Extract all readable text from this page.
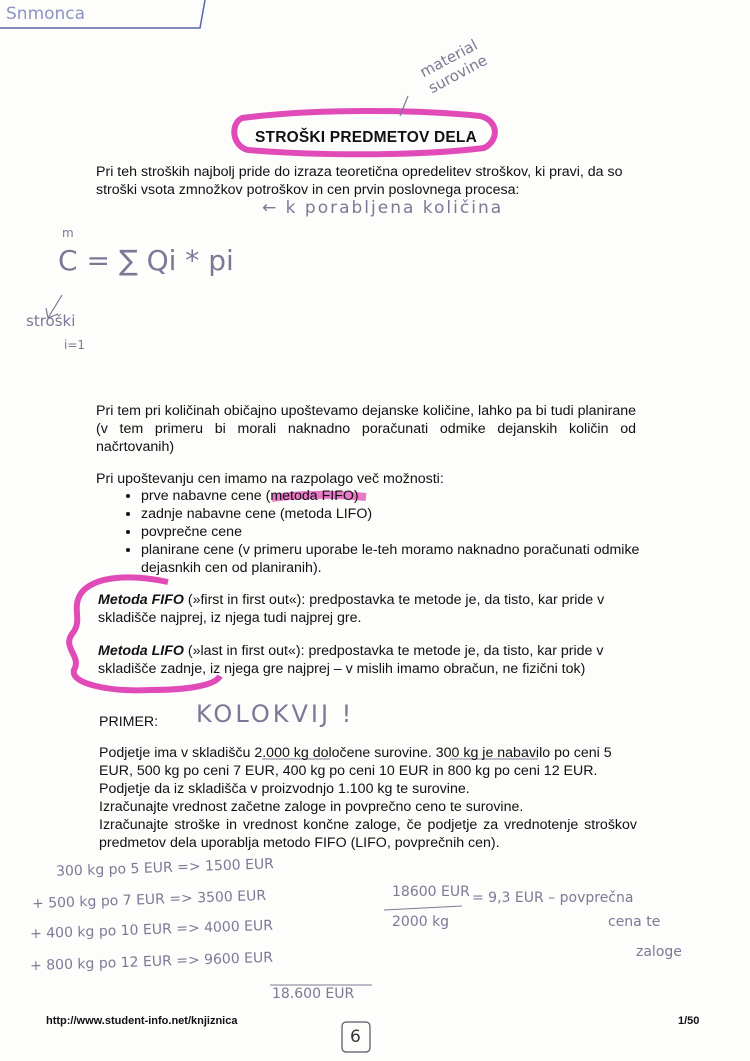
Snmonca
material surovine
← k porabljena količina
m
C = ∑ Qi * pi
stroški
i=1
KOLOKVIJ !
300 kg po 5 EUR => 1500 EUR
+ 500 kg po 7 EUR => 3500 EUR
+ 400 kg po 10 EUR => 4000 EUR
+ 800 kg po 12 EUR => 9600 EUR
18.600 EUR
18600 EUR
2000 kg
= 9,3 EUR – povprečna
cena te
zaloge
6
STROŠKI PREDMETOV DELA
Pri teh stroških najbolj pride do izraza teoretična opredelitev stroškov, ki pravi, da so stroški vsota zmnožkov potroškov in cen prvin poslovnega procesa:
Pri tem pri količinah običajno upoštevamo dejanske količine, lahko pa bi tudi planirane (v tem primeru bi morali naknadno poračunati odmike dejanskih količin od načrtovanih)
Pri upoštevanju cen imamo na razpolago več možnosti:
• prve nabavne cene (metoda FIFO)
• zadnje nabavne cene (metoda LIFO)
• povprečne cene
• planirane cene (v primeru uporabe le-teh moramo naknadno poračunati odmike dejasnkih cen od planiranih).
Metoda FIFO (»first in first out«): predpostavka te metode je, da tisto, kar pride v skladišče najprej, iz njega tudi najprej gre.
Metoda LIFO (»last in first out«): predpostavka te metode je, da tisto, kar pride v skladišče zadnje, iz njega gre najprej – v mislih imamo obračun, ne fizični tok)
PRIMER:
Podjetje ima v skladišču 2.000 kg določene surovine. 300 kg je nabavilo po ceni 5 EUR, 500 kg po ceni 7 EUR, 400 kg po ceni 10 EUR in 800 kg po ceni 12 EUR.
Podjetje da iz skladišča v proizvodnjo 1.100 kg te surovine.
Izračunajte vrednost začetne zaloge in povprečno ceno te surovine.
Izračunajte stroške in vrednost končne zaloge, če podjetje za vrednotenje stroškov predmetov dela uporablja metodo FIFO (LIFO, povprečnih cen).
http://www.student-info.net/knjiznica	1/50
